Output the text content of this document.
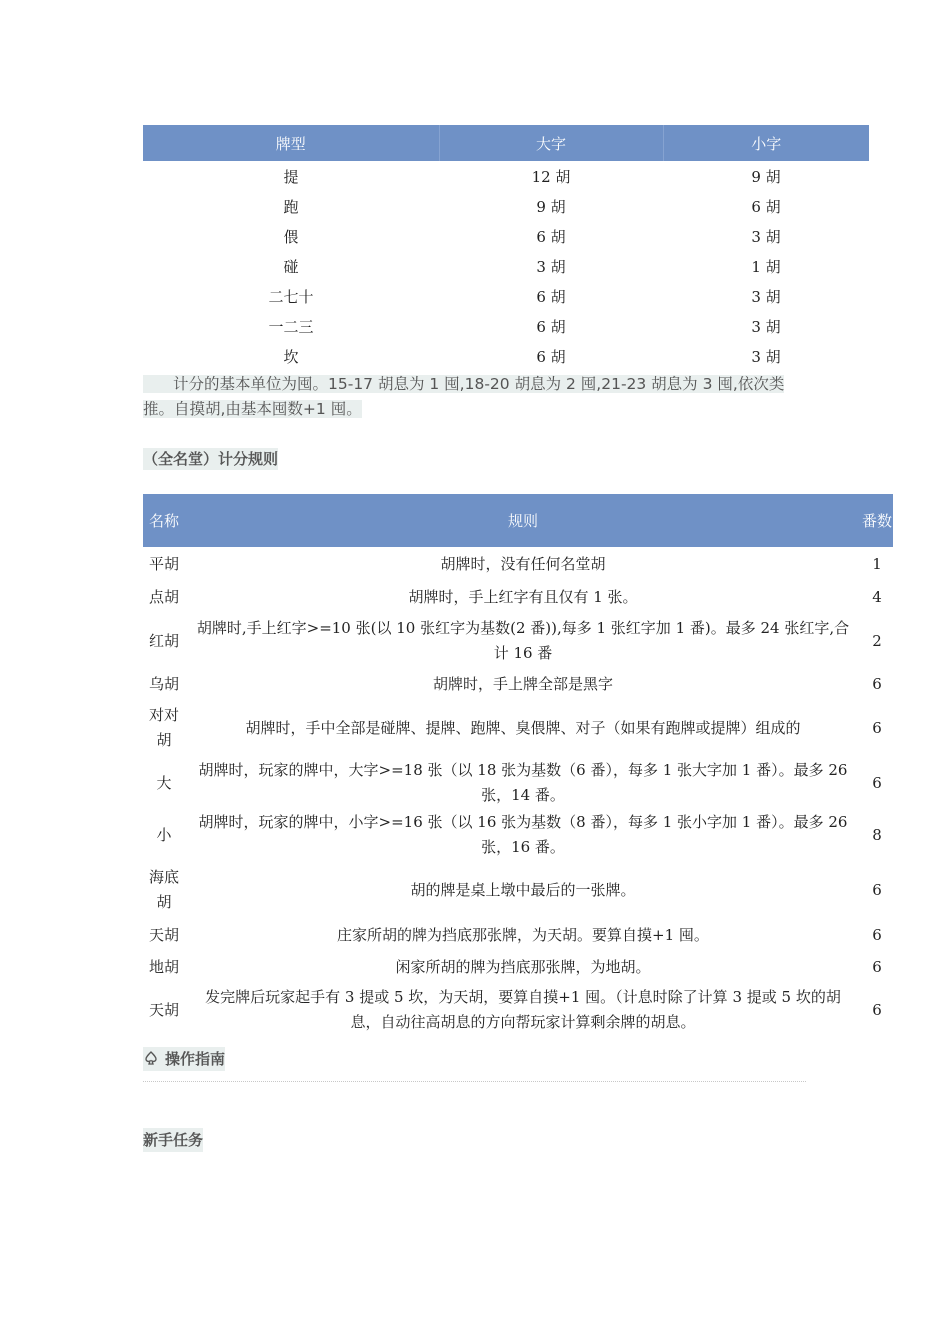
牌型	大字	小字
提	12 胡	9 胡
跑	9 胡	6 胡
偎	6 胡	3 胡
碰	3 胡	1 胡
二七十	6 胡	3 胡
一二三	6 胡	3 胡
坎	6 胡	3 胡
计分的基本单位为囤。15-17 胡息为 1 囤,18-20 胡息为 2 囤,21-23 胡息为 3 囤,依次类
推。自摸胡,由基本囤数+1 囤。
（全名堂）计分规则
名称	规则	番数
平胡	胡牌时，没有任何名堂胡	1
点胡	胡牌时，手上红字有且仅有 1 张。	4
红胡	胡牌时,手上红字>=10 张(以 10 张红字为基数(2 番)),每多 1 张红字加 1 番)。最多 24 张红字,合计 16 番	2
乌胡	胡牌时，手上牌全部是黑字	6
对对胡	胡牌时，手中全部是碰牌、提牌、跑牌、臭偎牌、对子（如果有跑牌或提牌）组成的	6
大	胡牌时，玩家的牌中，大字>=18 张（以 18 张为基数（6 番），每多 1 张大字加 1 番）。最多 26 张，14 番。	6
小	胡牌时，玩家的牌中，小字>=16 张（以 16 张为基数（8 番），每多 1 张小字加 1 番）。最多 26 张，16 番。	8
海底胡	胡的牌是桌上墩中最后的一张牌。	6
天胡	庄家所胡的牌为挡底那张牌，为天胡。要算自摸+1 囤。	6
地胡	闲家所胡的牌为挡底那张牌，为地胡。	6
天胡	发完牌后玩家起手有 3 提或 5 坎，为天胡，要算自摸+1 囤。（计息时除了计算 3 提或 5 坎的胡息，自动往高胡息的方向帮玩家计算剩余牌的胡息。	6
操作指南
新手任务
